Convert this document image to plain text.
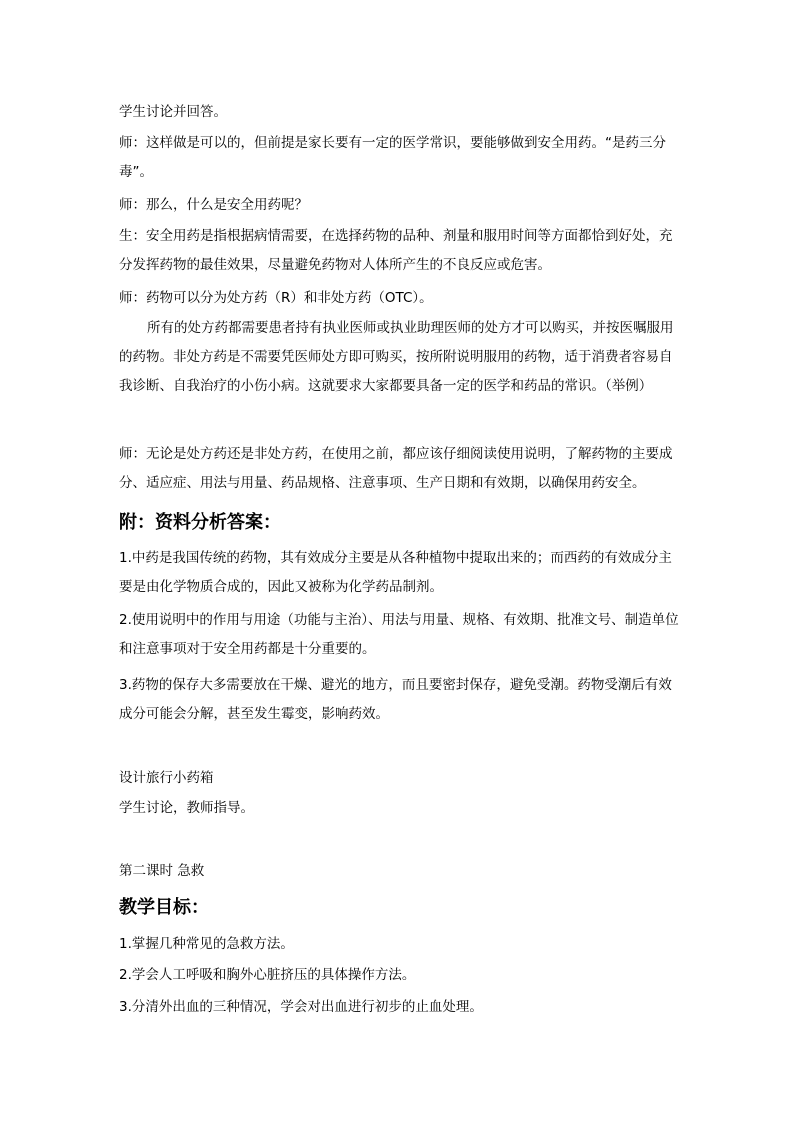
学生讨论并回答。
师：这样做是可以的，但前提是家长要有一定的医学常识，要能够做到安全用药。“是药三分毒”。
师：那么，什么是安全用药呢？
生：安全用药是指根据病情需要，在选择药物的品种、剂量和服用时间等方面都恰到好处，充分发挥药物的最佳效果，尽量避免药物对人体所产生的不良反应或危害。
师：药物可以分为处方药（R）和非处方药（OTC）。
所有的处方药都需要患者持有执业医师或执业助理医师的处方才可以购买，并按医嘱服用的药物。非处方药是不需要凭医师处方即可购买，按所附说明服用的药物，适于消费者容易自我诊断、自我治疗的小伤小病。这就要求大家都要具备一定的医学和药品的常识。（举例）
师：无论是处方药还是非处方药，在使用之前，都应该仔细阅读使用说明，了解药物的主要成分、适应症、用法与用量、药品规格、注意事项、生产日期和有效期，以确保用药安全。
附：资料分析答案：
1.中药是我国传统的药物，其有效成分主要是从各种植物中提取出来的；而西药的有效成分主要是由化学物质合成的，因此又被称为化学药品制剂。
2.使用说明中的作用与用途（功能与主治）、用法与用量、规格、有效期、批准文号、制造单位和注意事项对于安全用药都是十分重要的。
3.药物的保存大多需要放在干燥、避光的地方，而且要密封保存，避免受潮。药物受潮后有效成分可能会分解，甚至发生霉变，影响药效。
设计旅行小药箱
学生讨论，教师指导。
第二课时 急救
教学目标：
1.掌握几种常见的急救方法。
2.学会人工呼吸和胸外心脏挤压的具体操作方法。
3.分清外出血的三种情况，学会对出血进行初步的止血处理。
